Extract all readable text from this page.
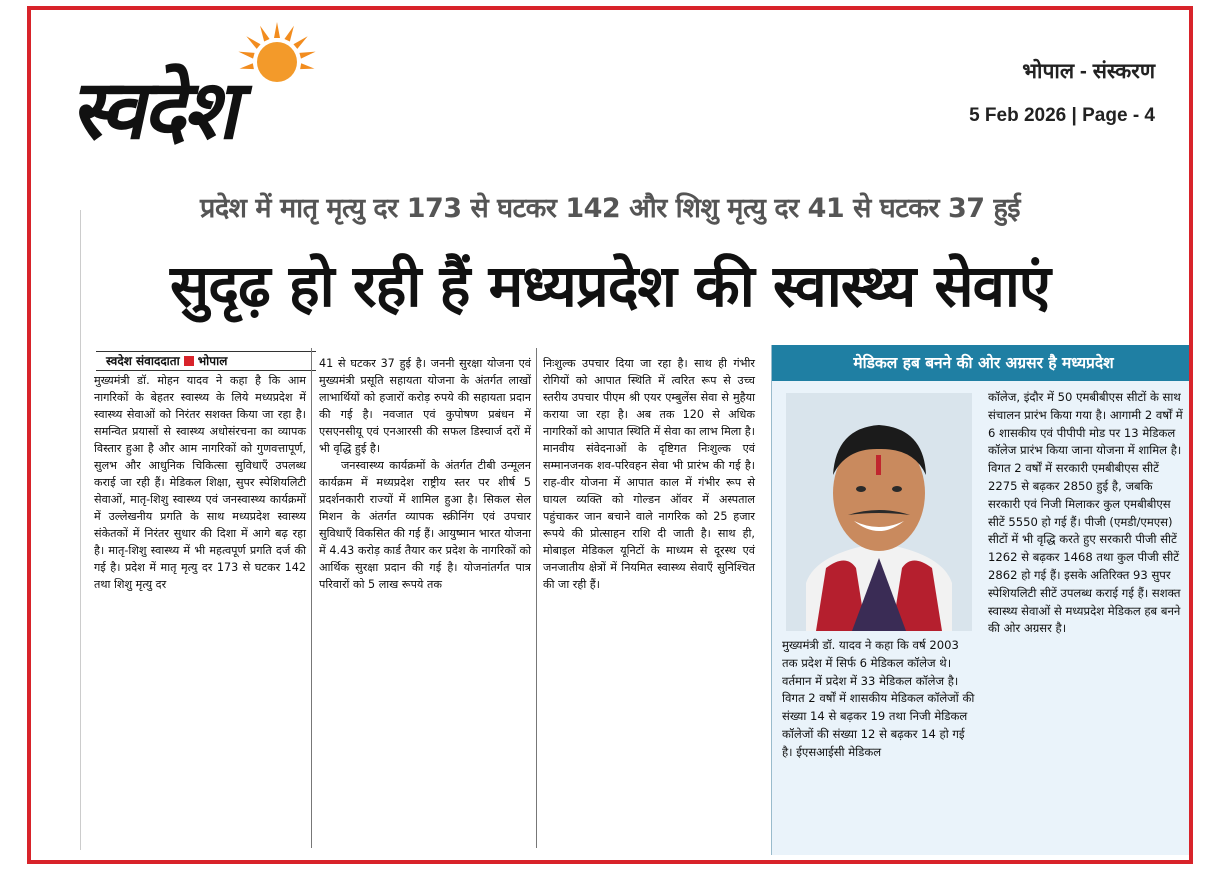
स्वदेश	भोपाल - संस्करण
5 Feb 2026 | Page - 4
प्रदेश में मातृ मृत्यु दर 173 से घटकर 142 और शिशु मृत्यु दर 41 से घटकर 37 हुई
सुदृढ़ हो रही हैं मध्यप्रदेश की स्वास्थ्य सेवाएं
स्वदेश संवाददाता भोपाल

मुख्यमंत्री डॉ. मोहन यादव ने कहा है कि आम नागरिकों के बेहतर स्वास्थ्य के लिये मध्यप्रदेश में स्वास्थ्य सेवाओं को निरंतर सशक्त किया जा रहा है। समन्वित प्रयासों से स्वास्थ्य अधोसंरचना का व्यापक विस्तार हुआ है और आम नागरिकों को गुणवत्तापूर्ण, सुलभ और आधुनिक चिकित्सा सुविधाएँ उपलब्ध कराई जा रही हैं। मेडिकल शिक्षा, सुपर स्पेशियलिटी सेवाओं, मातृ-शिशु स्वास्थ्य एवं जनस्वास्थ्य कार्यक्रमों में उल्लेखनीय प्रगति के साथ मध्यप्रदेश स्वास्थ्य संकेतकों में निरंतर सुधार की दिशा में आगे बढ़ रहा है। मातृ-शिशु स्वास्थ्य में भी महत्वपूर्ण प्रगति दर्ज की गई है। प्रदेश में मातृ मृत्यु दर 173 से घटकर 142 तथा शिशु मृत्यु दर

41 से घटकर 37 हुई है। जननी सुरक्षा योजना एवं मुख्यमंत्री प्रसूति सहायता योजना के अंतर्गत लाखों लाभार्थियों को हजारों करोड़ रुपये की सहायता प्रदान की गई है। नवजात एवं कुपोषण प्रबंधन में एसएनसीयू एवं एनआरसी की सफल डिस्चार्ज दरों में भी वृद्धि हुई है।

जनस्वास्थ्य कार्यक्रमों के अंतर्गत टीबी उन्मूलन कार्यक्रम में मध्यप्रदेश राष्ट्रीय स्तर पर शीर्ष 5 प्रदर्शनकारी राज्यों में शामिल हुआ है। सिकल सेल मिशन के अंतर्गत व्यापक स्क्रीनिंग एवं उपचार सुविधाएँ विकसित की गई हैं। आयुष्मान भारत योजना में 4.43 करोड़ कार्ड तैयार कर प्रदेश के नागरिकों को आर्थिक सुरक्षा प्रदान की गई है। योजनांतर्गत पात्र परिवारों को 5 लाख रूपये तक

निःशुल्क उपचार दिया जा रहा है। साथ ही गंभीर रोगियों को आपात स्थिति में त्वरित रूप से उच्च स्तरीय उपचार पीएम श्री एयर एम्बुलेंस सेवा से मुहैया कराया जा रहा है। अब तक 120 से अधिक नागरिकों को आपात स्थिति में सेवा का लाभ मिला है। मानवीय संवेदनाओं के दृष्टिगत निःशुल्क एवं सम्मानजनक शव-परिवहन सेवा भी प्रारंभ की गई है। राह-वीर योजना में आपात काल में गंभीर रूप से घायल व्यक्ति को गोल्डन ऑवर में अस्पताल पहुंचाकर जान बचाने वाले नागरिक को 25 हजार रूपये की प्रोत्साहन राशि दी जाती है। साथ ही, मोबाइल मेडिकल यूनिटों के माध्यम से दूरस्थ एवं जनजातीय क्षेत्रों में नियमित स्वास्थ्य सेवाएँ सुनिश्चित की जा रही हैं।

मेडिकल हब बनने की ओर अग्रसर है मध्यप्रदेश
मुख्यमंत्री डॉ. यादव ने कहा कि वर्ष 2003 तक प्रदेश में सिर्फ 6 मेडिकल कॉलेज थे। वर्तमान में प्रदेश में 33 मेडिकल कॉलेज है। विगत 2 वर्षों में शासकीय मेडिकल कॉलेजों की संख्या 14 से बढ़कर 19 तथा निजी मेडिकल कॉलेजों की संख्या 12 से बढ़कर 14 हो गई है। ईएसआईसी मेडिकल
कॉलेज, इंदौर में 50 एमबीबीएस सीटों के साथ संचालन प्रारंभ किया गया है। आगामी 2 वर्षों में 6 शासकीय एवं पीपीपी मोड पर 13 मेडिकल कॉलेज प्रारंभ किया जाना योजना में शामिल है। विगत 2 वर्षों में सरकारी एमबीबीएस सीटें 2275 से बढ़कर 2850 हुई है, जबकि सरकारी एवं निजी मिलाकर कुल एमबीबीएस सीटें 5550 हो गई हैं। पीजी (एमडी/एमएस) सीटों में भी वृद्धि करते हुए सरकारी पीजी सीटें 1262 से बढ़कर 1468 तथा कुल पीजी सीटें 2862 हो गई हैं। इसके अतिरिक्त 93 सुपर स्पेशियलिटी सीटें उपलब्ध कराई गई हैं। सशक्त स्वास्थ्य सेवाओं से मध्यप्रदेश मेडिकल हब बनने की ओर अग्रसर है।
